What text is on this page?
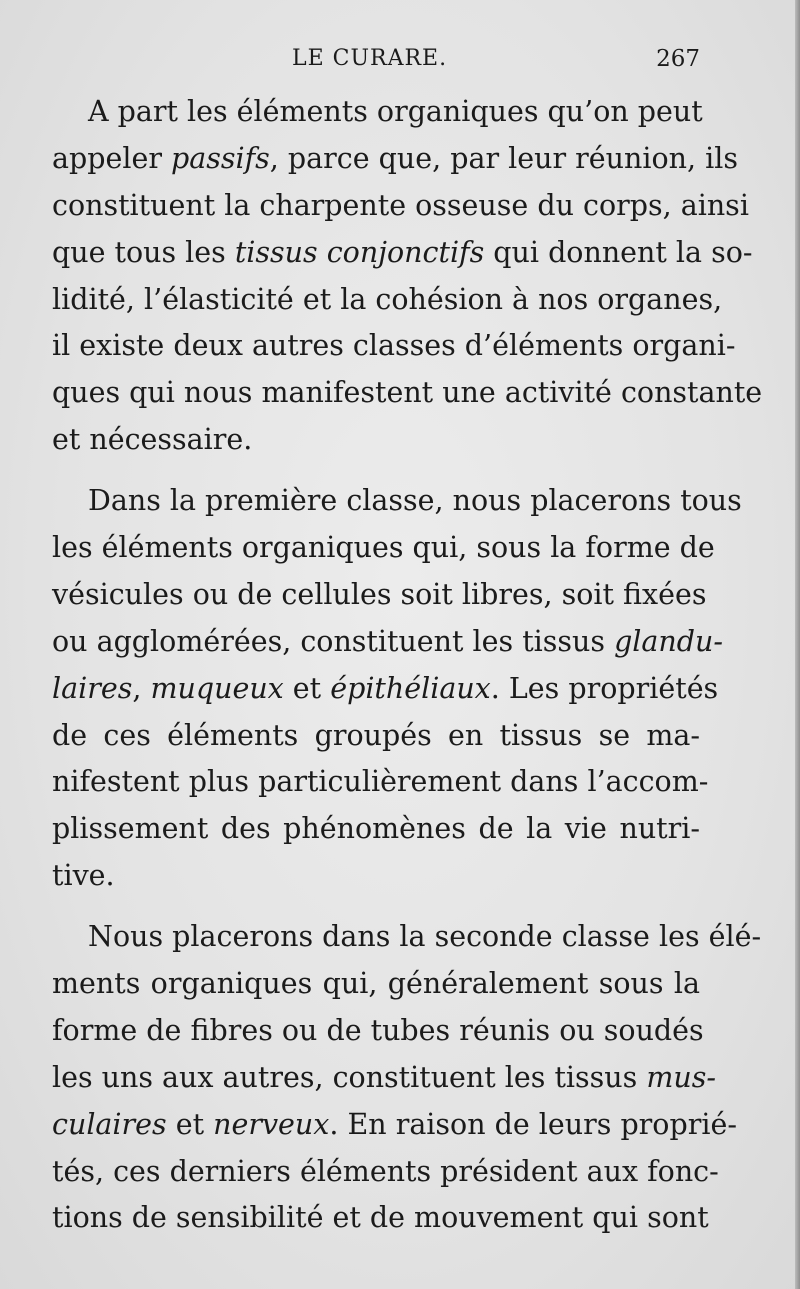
LE CURARE.	267
A part les éléments organiques qu’on peut
appeler passifs, parce que, par leur réunion, ils
constituent la charpente osseuse du corps, ainsi
que tous les tissus conjonctifs qui donnent la so-
lidité, l’élasticité et la cohésion à nos organes,
il existe deux autres classes d’éléments organi-
ques qui nous manifestent une activité constante
et nécessaire.
Dans la première classe, nous placerons tous
les éléments organiques qui, sous la forme de
vésicules ou de cellules soit libres, soit fixées
ou agglomérées, constituent les tissus glandu-
laires, muqueux et épithéliaux. Les propriétés
de ces éléments groupés en tissus se ma-
nifestent plus particulièrement dans l’accom-
plissement des phénomènes de la vie nutri-
tive.
Nous placerons dans la seconde classe les élé-
ments organiques qui, généralement sous la
forme de fibres ou de tubes réunis ou soudés
les uns aux autres, constituent les tissus mus-
culaires et nerveux. En raison de leurs proprié-
tés, ces derniers éléments président aux fonc-
tions de sensibilité et de mouvement qui sont
